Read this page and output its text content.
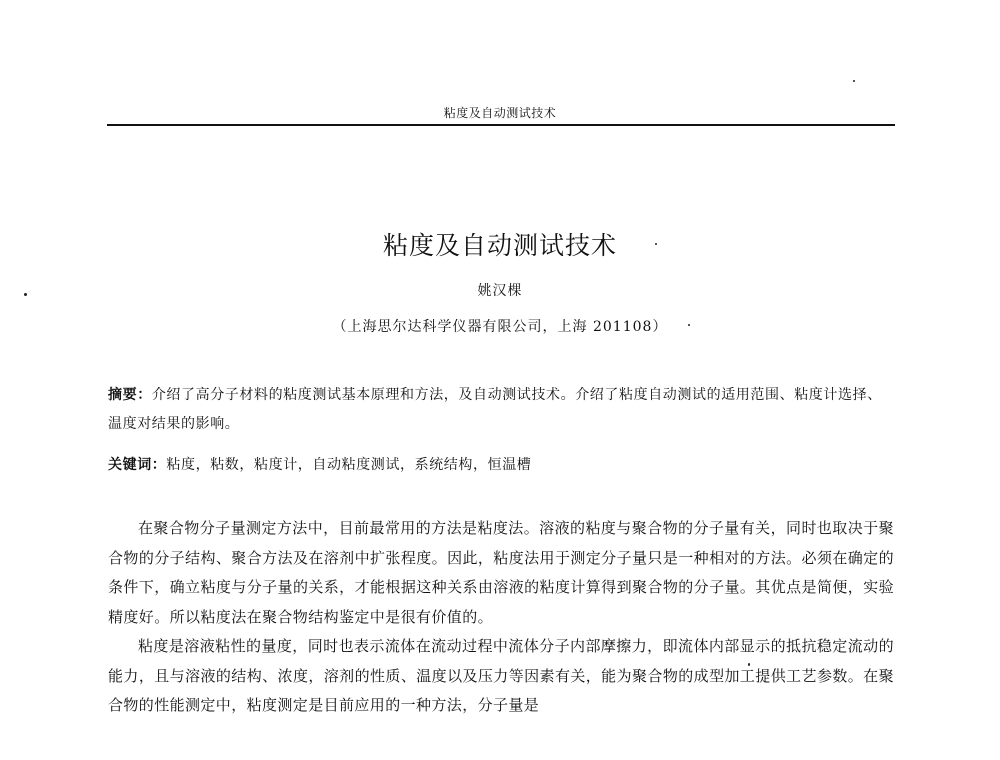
粘度及自动测试技术
粘度及自动测试技术
姚汉棵
（上海思尔达科学仪器有限公司，上海 201108）
摘要：介绍了高分子材料的粘度测试基本原理和方法，及自动测试技术。介绍了粘度自动测试的适用范围、粘度计选择、温度对结果的影响。
关键词：粘度，粘数，粘度计，自动粘度测试，系统结构，恒温槽

在聚合物分子量测定方法中，目前最常用的方法是粘度法。溶液的粘度与聚合物的分子量有关，同时也取决于聚合物的分子结构、聚合方法及在溶剂中扩张程度。因此，粘度法用于测定分子量只是一种相对的方法。必须在确定的条件下，确立粘度与分子量的关系，才能根据这种关系由溶液的粘度计算得到聚合物的分子量。其优点是简便，实验精度好。所以粘度法在聚合物结构鉴定中是很有价值的。

粘度是溶液粘性的量度，同时也表示流体在流动过程中流体分子内部摩擦力，即流体内部显示的抵抗稳定流动的能力，且与溶液的结构、浓度，溶剂的性质、温度以及压力等因素有关，能为聚合物的成型加工提供工艺参数。在聚合物的性能测定中，粘度测定是目前应用的一种方法，分子量是
